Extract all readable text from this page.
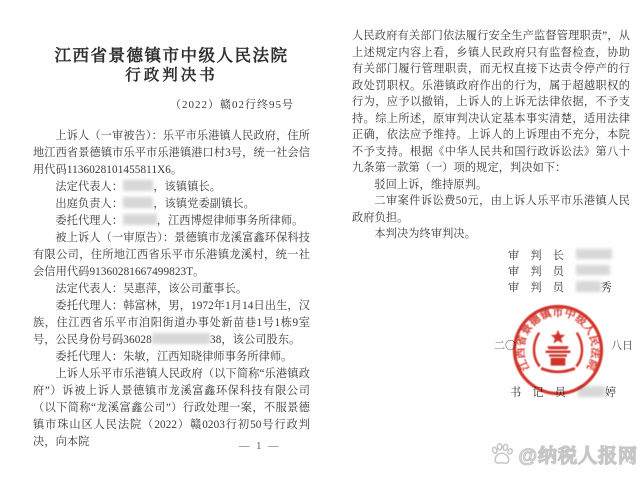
江西省景德镇市中级人民法院
行政判决书
（2022）赣02行终95号

上诉人（一审被告）：乐平市乐港镇人民政府，住所地江西省景德镇市乐平市乐港镇港口村3号，统一社会信用代码1136028101455811X6。

法定代表人：	，该镇镇长。

出庭负责人：	，该镇党委副镇长。

委托代理人：	，江西博煜律师事务所律师。

被上诉人（一审原告）：景德镇市龙溪富鑫环保科技有限公司，住所地江西省乐平市乐港镇龙溪村，统一社会信用代码91360281667499823T。

法定代表人：吴惠萍，该公司董事长。

委托代理人：韩富林，男，1972年1月14日出生，汉族，住江西省乐平市洎阳街道办事处新苗巷1号1栋9室号，公民身份号码36028	38，该公司股东。

委托代理人：朱敏，江西知晓律师事务所律师。

上诉人乐平市乐港镇人民政府（以下简称“乐港镇政府”）诉被上诉人景德镇市龙溪富鑫环保科技有限公司（以下简称“龙溪富鑫公司”）行政处理一案，不服景德镇市珠山区人民法院（2022）赣0203行初50号行政判决，向本院	— 1 —

人民政府有关部门依法履行安全生产监督管理职责”，从上述规定内容上看，乡镇人民政府只有监督检查，协助有关部门履行管理职责，而无权直接下达责令停产的行政处罚职权。乐港镇政府作出的行为，属于超越职权的行为，应予以撤销，上诉人的上诉无法律依据，不予支持。综上所述，原审判决认定基本事实清楚，适用法律正确，依法应予维持。上诉人的上诉理由不充分，本院不予支持。根据《中华人民共和国行政诉讼法》第八十九条第一款第（一）项的规定，判决如下：

驳回上诉，维持原判。

二审案件诉讼费50元，由上诉人乐平市乐港镇人民政府负担。

本判决为终审判决。

审　判　长
审　判　员
审　判　员	秀
二〇	八日
书　记　员	婷
江西省景德镇市中级人民法院
@纳税人报网
